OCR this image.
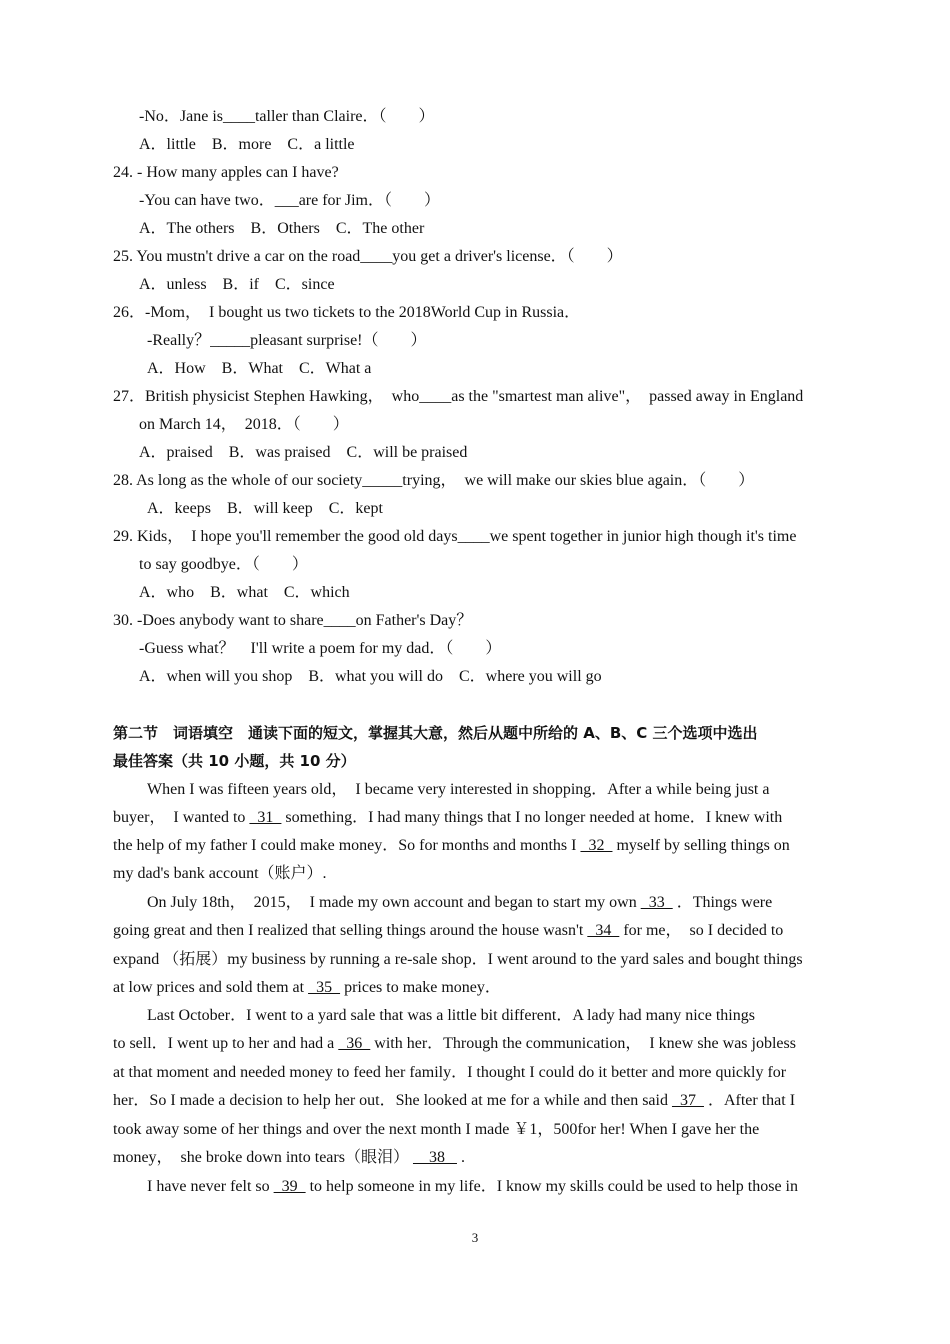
-No．Jane is____taller than Claire．（　　）
A．little　B．more　C．a little
24. - How many apples can I have?
-You can have two．___are for Jim．（　　）
A．The others　B．Others　C．The other
25. You mustn't drive a car on the road____you get a driver's license．（　　）
A．unless　B．if　C．since
26．-Mom，　I bought us two tickets to the 2018World Cup in Russia．
-Really？_____pleasant surprise!（　　）
A．How　B．What　C．What a
27．British physicist Stephen Hawking，　who____as the "smartest man alive"，　passed away in England
on March 14，　2018．（　　）
A．praised　B．was praised　C．will be praised
28. As long as the whole of our society_____trying，　we will make our skies blue again．（　　）
A．keeps　B．will keep　C．kept
29. Kids，　I hope you'll remember the good old days____we spent together in junior high though it's time
to say goodbye．（　　）
A．who　B．what　C．which
30. -Does anybody want to share____on Father's Day？
-Guess what？　I'll write a poem for my dad．（　　）
A．when will you shop　B．what you will do　C．where you will go
第二节　词语填空　通读下面的短文，掌握其大意，然后从题中所给的 A、B、C 三个选项中选出
最佳答案（共 10 小题，共 10 分）
When I was fifteen years old，　I became very interested in shopping．After a while being just a
buyer，　I wanted to   31   something．I had many things that I no longer needed at home．I knew with
the help of my father I could make money．So for months and months I   32   myself by selling things on
my dad's bank account（账户）.
On July 18th，　2015，　I made my own account and began to start my own   33   ．Things were
going great and then I realized that selling things around the house wasn't   34   for me，　so I decided to
expand （拓展）my business by running a re-sale shop．I went around to the yard sales and bought things
at low prices and sold them at   35   prices to make money．
Last October．I went to a yard sale that was a little bit different．A lady had many nice things
to sell．I went up to her and had a   36   with her．Through the communication，　I knew she was jobless
at that moment and needed money to feed her family．I thought I could do it better and more quickly for
her．So I made a decision to help her out．She looked at me for a while and then said   37   ．After that I
took away some of her things and over the next month I made ￥1，500for her! When I gave her the
money，　she broke down into tears（眼泪）     38    .
I have never felt so   39   to help someone in my life．I know my skills could be used to help those in
3
